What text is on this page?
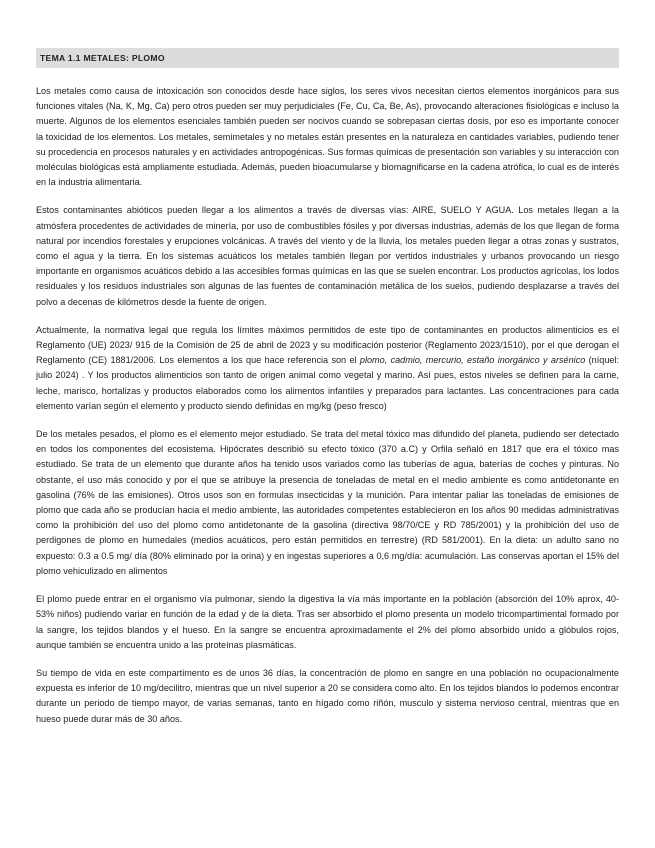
TEMA 1.1 METALES: PLOMO

Los metales como causa de intoxicación son conocidos desde hace siglos, los seres vivos necesitan ciertos elementos inorgánicos para sus funciones vitales (Na, K, Mg, Ca) pero otros pueden ser muy perjudiciales (Fe, Cu, Ca, Be, As), provocando alteraciones fisiológicas e incluso la muerte. Algunos de los elementos esenciales también pueden ser nocivos cuando se sobrepasan ciertas dosis, por eso es importante conocer la toxicidad de los elementos. Los metales, semimetales y no metales están presentes en la naturaleza en cantidades variables, pudiendo tener su procedencia en procesos naturales y en actividades antropogénicas. Sus formas químicas de presentación son variables y su interacción con moléculas biológicas está ampliamente estudiada. Además, pueden bioacumularse y biomagnificarse en la cadena atrófica, lo cual es de interés en la industria alimentaria.

Estos contaminantes abióticos pueden llegar a los alimentos a través de diversas vías: AIRE, SUELO Y AGUA. Los metales llegan a la atmósfera procedentes de actividades de minería, por uso de combustibles fósiles y por diversas industrias, además de los que llegan de forma natural por incendios forestales y erupciones volcánicas. A través del viento y de la lluvia, los metales pueden llegar a otras zonas y sustratos, como el agua y la tierra. En los sistemas acuáticos los metales también llegan por vertidos industriales y urbanos provocando un riesgo importante en organismos acuáticos debido a las accesibles formas químicas en las que se suelen encontrar. Los productos agrícolas, los lodos residuales y los residuos industriales son algunas de las fuentes de contaminación metálica de los suelos, pudiendo desplazarse a través del polvo a decenas de kilómetros desde la fuente de origen.

Actualmente, la normativa legal que regula los límites máximos permitidos de este tipo de contaminantes en productos alimenticios es el Reglamento (UE) 2023/ 915 de la Comisión de 25 de abril de 2023 y su modificación posterior (Reglamento 2023/1510), por el que derogan el Reglamento (CE) 1881/2006. Los elementos a los que hace referencia son el plomo, cadmio, mercurio, estaño inorgánico y arsénico (níquel: julio 2024) . Y los productos alimenticios son tanto de origen animal como vegetal y marino. Así pues, estos niveles se definen para la carne, leche, marisco, hortalizas y productos elaborados como los alimentos infantiles y preparados para lactantes. Las concentraciones para cada elemento varían según el elemento y producto siendo definidas en mg/kg (peso fresco)

De los metales pesados, el plomo es el elemento mejor estudiado. Se trata del metal tóxico mas difundido del planeta, pudiendo ser detectado en todos los componentes del ecosistema. Hipócrates describió su efecto tóxico (370 a.C) y Orfila señaló en 1817 que era el tóxico mas estudiado. Se trata de un elemento que durante años ha tenido usos variados como las tuberías de agua, baterías de coches y pinturas. No obstante, el uso más conocido y por el que se atribuye la presencia de toneladas de metal en el medio ambiente es como antidetonante en gasolina (76% de las emisiones). Otros usos son en formulas insecticidas y la munición. Para intentar paliar las toneladas de emisiones de plomo que cada año se producían hacia el medio ambiente, las autoridades competentes establecieron en los años 90 medidas administrativas como la prohibición del uso del plomo como antidetonante de la gasolina (directiva 98/70/CE y RD 785/2001) y la prohibición del uso de perdigones de plomo en humedales (medios acuáticos, pero están permitidos en terrestre) (RD 581/2001). En la dieta: un adulto sano no expuesto: 0.3 a 0.5 mg/ día (80% eliminado por la orina) y en ingestas superiores a 0,6 mg/día: acumulación. Las conservas aportan el 15% del plomo vehiculizado en alimentos

El plomo puede entrar en el organismo vía pulmonar, siendo la digestiva la vía más importante en la población (absorción del 10% aprox, 40-53% niños) pudiendo variar en función de la edad y de la dieta. Tras ser absorbido el plomo presenta un modelo tricompartimental formado por la sangre, los tejidos blandos y el hueso. En la sangre se encuentra aproximadamente el 2% del plomo absorbido unido a glóbulos rojos, aunque también se encuentra unido a las proteínas plasmáticas.

Su tiempo de vida en este compartimento es de unos 36 días, la concentración de plomo en sangre en una población no ocupacionalmente expuesta es inferior de 10 mg/decilitro, mientras que un nivel superior a 20 se considera como alto. En los tejidos blandos lo podemos encontrar durante un periodo de tiempo mayor, de varias semanas, tanto en hígado como riñón, musculo y sistema nervioso central, mientras que en hueso puede durar más de 30 años.
